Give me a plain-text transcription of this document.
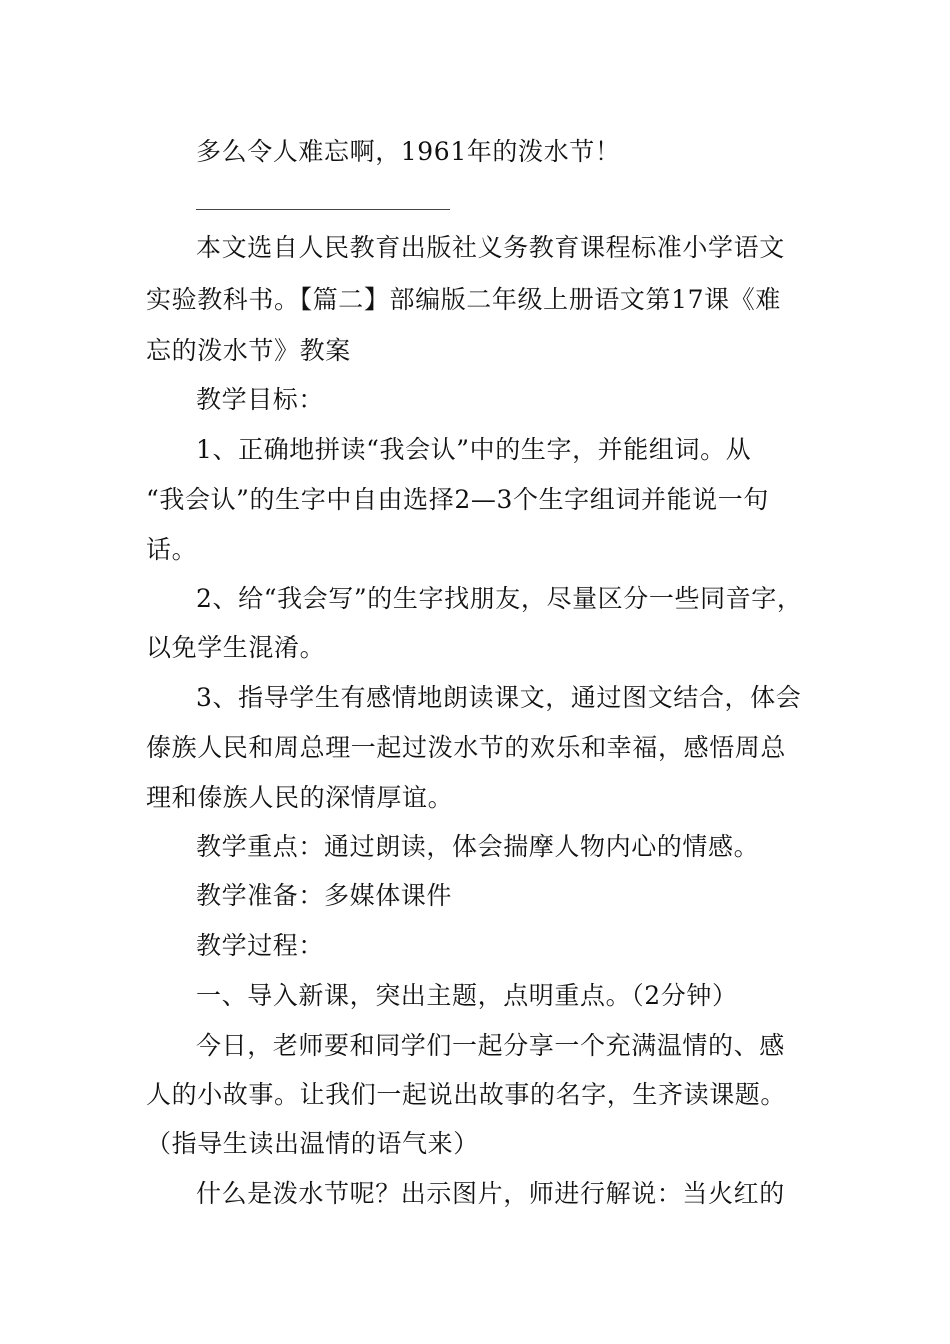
多么令人难忘啊，1961年的泼水节！
本文选自人民教育出版社义务教育课程标准小学语文
实验教科书。【篇二】部编版二年级上册语文第17课《难
忘的泼水节》教案
教学目标：
1、正确地拼读“我会认”中的生字，并能组词。从
“我会认”的生字中自由选择2—3个生字组词并能说一句
话。
2、给“我会写”的生字找朋友，尽量区分一些同音字，
以免学生混淆。
3、指导学生有感情地朗读课文，通过图文结合，体会
傣族人民和周总理一起过泼水节的欢乐和幸福，感悟周总
理和傣族人民的深情厚谊。
教学重点：通过朗读，体会揣摩人物内心的情感。
教学准备：多媒体课件
教学过程：
一、导入新课，突出主题，点明重点。（2分钟）
今日，老师要和同学们一起分享一个充满温情的、感
人的小故事。让我们一起说出故事的名字，生齐读课题。
（指导生读出温情的语气来）
什么是泼水节呢？出示图片，师进行解说：当火红的
